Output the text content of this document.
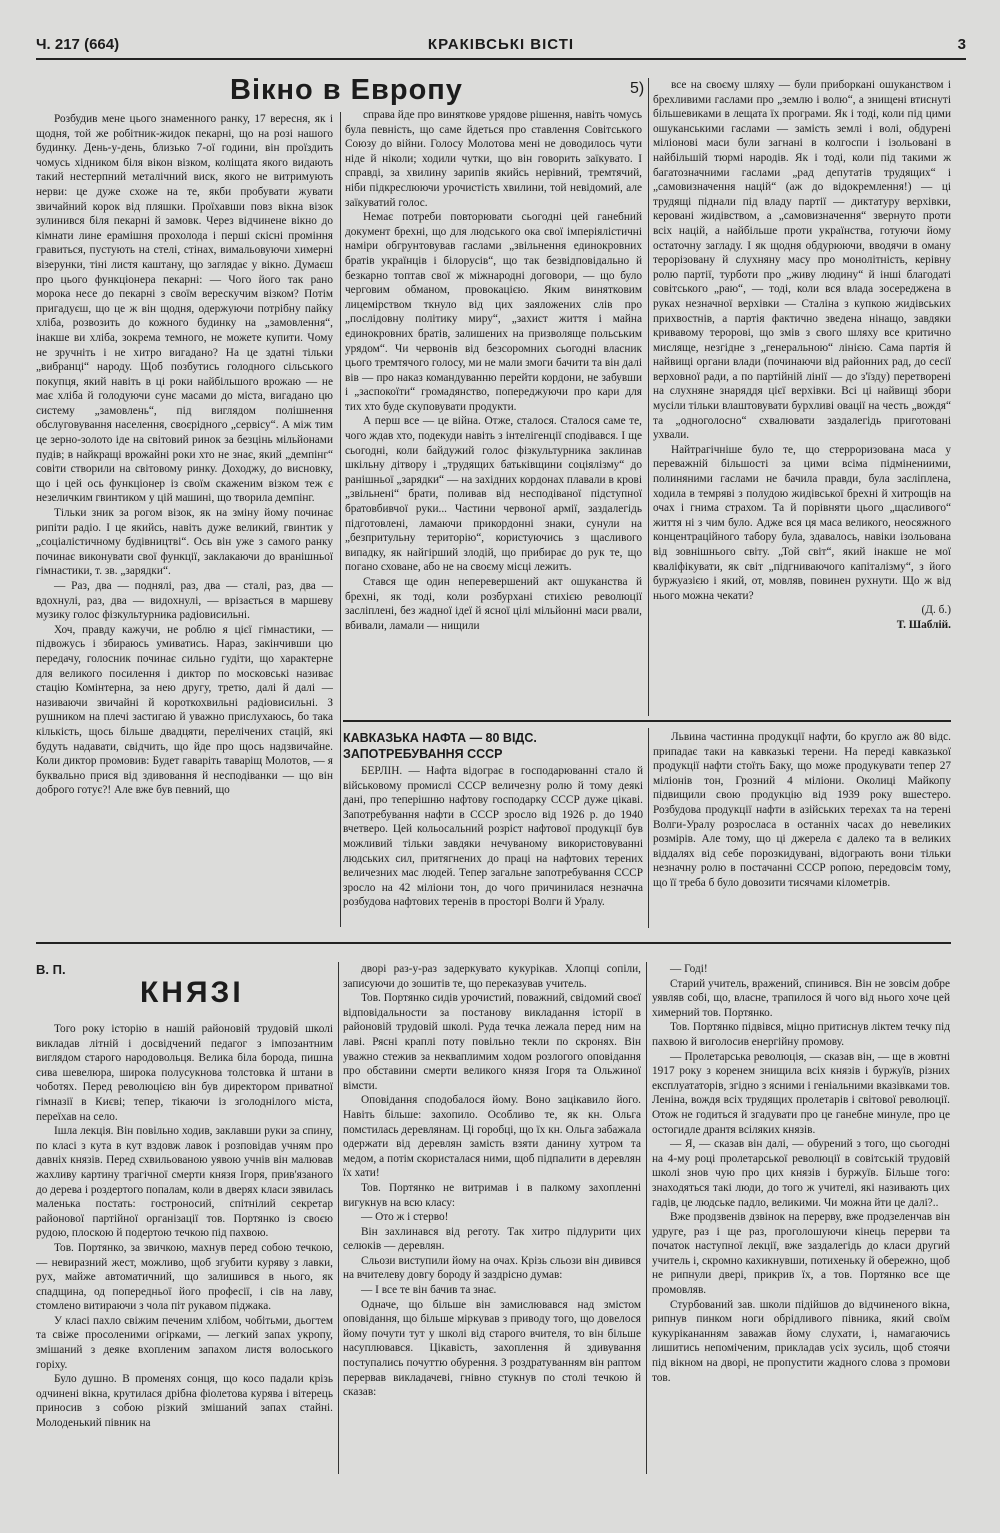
Ч. 217 (664)	КРАКІВСЬКІ ВІСТІ	3
Вікно в Европу	5)

Розбудив мене цього знаменного ранку, 17 вересня, як і щодня, той же робітник-жидок пекарні, що на розі нашого будинку. День-у-день, близько 7-ої години, він проїздить чомусь хідником біля вікон візком, коліщата якого видають такий нестерпний металічний виск, якого не витримують нерви: це дуже схоже на те, якби пробувати жувати звичайний корок від пляшки. Проїхавши повз вікна візок зулинився біля пекарні й замовк. Через відчинене вікно до кімнати лине ерамішня прохолода і перші скісні проміння гравиться, пустують на стелі, стінах, вимальовуючи химерні візерунки, тіні листя каштану, що заглядає у вікно. Думаєш про цього функціонера пекарні: — Чого його так рано морока несе до пекарні з своїм верескучим візком? Потім пригадуєш, що це ж він щодня, одержуючи потрібну пайку хліба, розвозить до кожного будинку на „замовлення“, інакше ви хліба, зокрема темного, не можете купити. Чому не зручніть і не хитро вигадано? На це здатні тільки „вибранці“ народу. Щоб позбутись голодного сільського покупця, який навіть в ці роки найбільшого врожаю — не має хліба й голодуючи сунє масами до міста, вигадано цю систему „замовлень“, під виглядом полішнення обслуговування населення, своєрідного „сервісу“. А між тим це зерно-золото іде на світовий ринок за безцінь мільйонами пудів; в найкращі врожайні роки хто не знає, який „демпінг“ совіти створили на світовому ринку. Доходжу, до висновку, що і цей ось функціонер із своїм скаженим візком теж є незеличким гвинтиком у цій машині, що творила демпінг.

Тільки зник за рогом візок, як на зміну йому починає рипіти радіо. І це якийсь, навіть дуже великий, гвинтик у „соціалістичному будівництві“. Ось він уже з самого ранку починає виконувати свої функції, заклакаючи до вранішньої гімнастики, т. зв. „зарядки“.

— Раз, два — поднялі, раз, два — сталі, раз, два — вдохнулі, раз, два — видохнулі, — врізається в маршеву музику голос фізкультурника радіовисильні.

Хоч, правду кажучи, не роблю я цієї гімнастики, — підвожусь і збираюсь умиватись. Нараз, закінчивши цю передачу, голосник починає сильно гудіти, що характерне для великого посилення і диктор по московські називає стацію Комінтерна, за нею другу, третю, далі й далі — називаючи звичайні й короткохвильні радіовисильні. З рушником на плечі застигаю й уважно прислухаюсь, бо така кількість, щось більше двадцяти, перелічених стацій, які будуть надавати, свідчить, що йде про щось надзвичайне. Коли диктор промовив: Будет гаваріть таваріщ Молотов, — я буквально прися від здивовання й несподіванки — що він доброго готує?! Але вже був певний, що

справа йде про виняткове урядове рішення, навіть чомусь була певність, що саме йдеться про ставлення Совітського Союзу до війни. Голосу Молотова мені не доводилось чути ніде й ніколи; ходили чутки, що він говорить заїкувато. І справді, за хвилину зарипів якийсь нерівний, тремтячий, ніби підкреслюючи урочистість хвилини, той невідомий, але заїкуватий голос.

Немає потреби повторювати сьогодні цей ганебний документ брехні, що для людського ока свої імперіялістичні наміри обгрунтовував гаслами „звільнення единокровних братів українців і білорусів“, що так безвідповідально й безкарно топтав свої ж міжнародні договори, — що було черговим обманом, провокацією. Яким винятковим лицемірством ткнуло від цих заяложених слів про „послідовну політику миру“, „захист життя і майна единокровних братів, залишених на призволяще польським урядом“. Чи червонів від безсоромних сьогодні власник цього тремтячого голосу, ми не мали змоги бачити та він далі вів — про наказ командуванню перейти кордони, не забувши і „заспокоїти“ громадянство, попереджуючи про кари для тих хто буде скуповувати продукти.

А перш все — це війна. Отже, сталося. Сталося саме те, чого ждав хто, подекуди навіть з інтелігенції сподівався. І ще сьогодні, коли байдужий голос фізкультурника заклинав шкільну дітвору і „трудящих батьківщини соціялізму“ до ранішньої „зарядки“ — на західних кордонах плавали в крові „звільнені“ брати, поливав від несподіваної підступної братовбивчої руки... Частини червоної армії, заздалегідь підготовлені, ламаючи прикордонні знаки, сунули на „безпритульну територію“, користуючись з щасливого випадку, як найгірший злодій, що прибирає до рук те, що погано сховане, або не на своєму місці лежить.

Стався ще один неперевершений акт ошуканства й брехні, як тоді, коли розбурхані стихією революції засліплені, без жадної ідеї й ясної цілі мільйонні маси рвали, вбивали, ламали — нищили

все на своєму шляху — були приборкані ошуканством і брехливими гаслами про „землю і волю“, а знищені втиснуті більшевиками в лещата їх програми. Як і тоді, коли під цими ошуканськими гаслами — замість землі і волі, обдурені міліонові маси були загнані в колгоспи і ізольовані в найбільшій тюрмі народів. Як і тоді, коли під такими ж багатозначними гаслами „рад депутатів трудящих“ і „самовизначення націй“ (аж до відокремлення!) — ці трудящі піднали під владу партії — диктатуру верхівки, керовані жидівством, а „самовизначення“ звернуто проти всіх націй, а найбільше проти українства, готуючи йому остаточну загладу. І як щодня обдурюючи, вводячи в оману терорізовану й слухняну масу про монолітність, керівну ролю партії, турботи про „живу людину“ й інші благодаті совітського „раю“, — тоді, коли вся влада зосереджена в руках незначної верхівки — Сталіна з купкою жидівських прихвостнів, а партія фактично зведена нінащо, завдяки кривавому теророві, що змів з свого шляху все критично мисляще, незгідне з „генеральною“ лінією. Сама партія й найвищі органи влади (починаючи від районних рад, до сесії верховної ради, а по партійній лінії — до з'їзду) перетворені на слухняне знаряддя цієї верхівки. Всі ці найвищі збори мусіли тільки влаштовувати бурхливі овації на честь „вождя“ та „одноголосно“ схвалювати заздалегідь приготовані ухвали.

Найтрагічніше було те, що стерроризована маса у переважній більшості за цими всіма підмінениими, полиняними гаслами не бачила правди, була засліплена, ходила в темряві з полудою жидівської брехні й хитрощів на очах і гнима страхом. Та й порівняти цього „щасливого“ життя ні з чим було. Адже вся ця маса великого, неосяжного концентраційного табору була, здавалось, навіки ізольована від зовнішнього світу. „Той світ“, який інакше не мої кваліфікувати, як світ „підгниваючого капіталізму“, з його буржуазією і який, от, мовляв, повинен рухнути. Що ж від нього можна чекати?

(Д. б.)

Т. Шаблій.

КАВКАЗЬКА НАФТА — 80 ВІДС. ЗАПОТРЕБУВАННЯ СССР

БЕРЛІН. — Нафта відограє в господарюванні стало й військовому промислі СССР величезну ролю й тому деякі дані, про теперішню нафтову господарку СССР дуже цікаві. Запотребування нафти в СССР зросло від 1926 р. до 1940 вчетверо. Цей кольосальний розріст нафтової продукції був можливий тільки завдяки нечуваному використовуванні людських сил, притягнених до праці на нафтових терених величезних мас людей. Тепер загальне запотребування СССР зросло на 42 міліони тон, до чого причинилася незначна розбудова нафтових теренів в просторі Волги й Уралу.

Львина частинна продукції нафти, бо кругло аж 80 відс. припадає таки на кавказькі терени. На переді кавказької продукції нафти стоїть Баку, що може продукувати тепер 27 міліонів тон, Грозний 4 міліони. Околиці Майкопу підвищили свою продукцію від 1939 року вшестеро. Розбудова продукції нафти в азійських терехах та на терені Волги-Уралу розросласа в останніх часах до невеликих розмірів. Але тому, що ці джерела є далеко та в великих віддалях від себе порозкидувані, відограють вони тільки незначну ролю в постачанні СССР ропою, передовсім тому, що її треба б було довозити тисячами кілометрів.

В. П.
КНЯЗІ

Того року історію в нашій районовій трудовій школі викладав літній і досвідчений педагог з імпозантним виглядом старого народовольця. Велика біла борода, пишна сива шевелюра, широка полусукнова толстовка й штани в чоботях. Перед революцією він був директором приватної гімназії в Києві; тепер, тікаючи із зголоднілого міста, переїхав на село.

Ішла лекція. Він повільно ходив, заклавши руки за спину, по класі з кута в кут вздовж лавок і розповідав учням про давніх князів. Перед схвильованою уявою учнів він малював жахливу картину трагічної смерти князя Ігоря, прив'язаного до дерева і роздертого попалам, коли в дверях класи зявилась маленька постать: гостроносий, спітнілий секретар районової партійної організації тов. Портянко із своєю рудою, плоскою й подертою течкою під пахвою.

Тов. Портянко, за звичкою, махнув перед собою течкою, — невиразний жест, можливо, щоб згубити куряву з лавки, рух, майже автоматичний, що залишився в нього, як спадщина, од попередньої його професії, і сів на лаву, стомлено витираючи з чола піт рукавом піджака.

У класі пахло свіжим печеним хлібом, чобітьми, дьогтем та свіже просоленими огірками, — легкий запах укропу, змішаний з деяке вхопленим запахом листя волоського горіху.

Було душно. В променях сонця, що косо падали крізь одчинені вікна, крутилася дрібна фіолетова курява і вітерець приносив з собою різкий змішаний запах стайні. Молоденький півник на

дворі раз-у-раз задеркувато кукурікав. Хлопці сопіли, записуючи до зошитів те, що переказував учитель.

Тов. Портянко сидів урочистий, поважний, свідомий своєї відповідальности за постанову викладання історії в районовій трудовій школі. Руда течка лежала перед ним на лаві. Рясні краплі поту повільно текли по скронях. Він уважно стежив за некваплимим ходом розлогого оповідання про обставини смерти великого князя Ігоря та Ольжиної вімсти.

Оповідання сподобалося йому. Воно зацікавило його. Навіть більше: захопило. Особливо те, як кн. Ольга помстилась деревлянам. Ці горобці, що їх кн. Ольга забажала одержати від деревлян замість взяти данину хутром та медом, а потім скористалася ними, щоб підпалити в деревлян їх хати!

Тов. Портянко не витримав і в палкому захопленні вигукнув на всю класу:

— Ото ж і стерво!

Він захлинався від реготу. Так хитро підлурити цих селюків — деревлян.

Сльози виступили йому на очах. Крізь сльози він дивився на вчителеву довгу бороду й заздрісно думав:

— І все те він бачив та знає.

Одначе, що більше він замислювався над змістом оповідання, що більше міркував з приводу того, що довелося йому почути тут у школі від старого вчителя, то він більше насуплювався. Цікавість, захоплення й здивування поступались почуттю обурення. З роздратуванням він раптом перервав викладачеві, гнівно стукнув по столі течкою й сказав:

— Годі!

Старий учитель, вражений, спинився. Він не зовсім добре уявляв собі, що, власне, трапилося й чого від нього хоче цей химерний тов. Портянко.

Тов. Портянко підвівся, міцно притиснув ліктем течку під пахвою й виголосив енергійну промову.

— Пролетарська революція, — сказав він, — ще в жовтні 1917 року з коренем знищила всіх князів і буржуїв, різних експлуататорів, згідно з ясними і геніальними вказівками тов. Леніна, вождя всіх трудящих пролетарів і світової революції. Отож не годиться й згадувати про це ганебне минуле, про це остогидле дрантя всіляких князів.

— Я, — сказав він далі, — обурений з того, що сьогодні на 4-му році пролетарської революції в совітській трудовій школі знов чую про цих князів і буржуїв. Більше того: знаходяться такі люди, до того ж учителі, які називають цих гадів, це людське падло, великими. Чи можна йти це далі?..

Вже продзвенів дзвінок на перерву, вже продзеленчав він удруге, раз і ще раз, проголошуючи кінець перерви та початок наступної лекції, вже заздалегідь до класи другий учитель і, скромно кахикнувши, потихеньку й обережно, щоб не рипнули двері, прикрив їх, а тов. Портянко все ще промовляв.

Стурбований зав. школи підійшов до відчиненого вікна, рипнув пинком ноги обрідливого півника, який своїм кукурікананням заважав йому слухати, і, намагаючись лишитись непоміченим, прикладав усіх зусиль, щоб стоячи під вікном на дворі, не пропустити жадного слова з промови тов.
